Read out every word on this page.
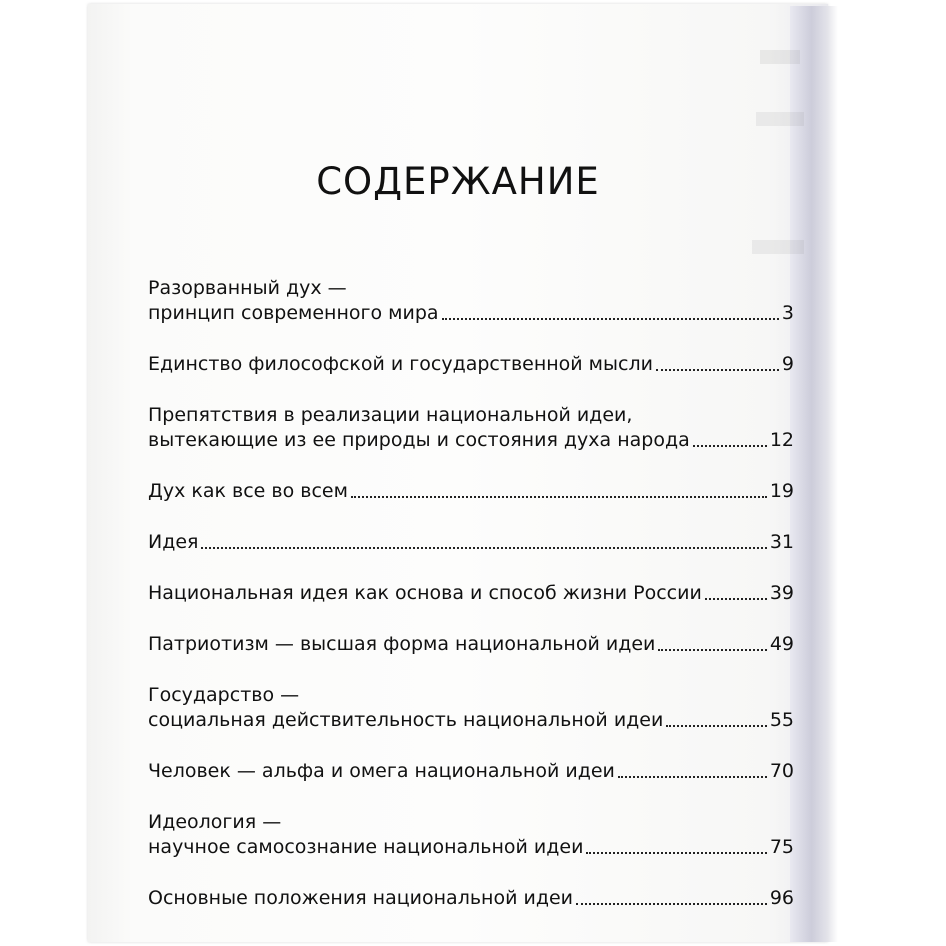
СОДЕРЖАНИЕ
Разорванный дух —
принцип современного мира	3
Единство философской и государственной мысли	9
Препятствия в реализации национальной идеи,
вытекающие из ее природы и состояния духа народа	12
Дух как все во всем	19
Идея	31
Национальная идея как основа и способ жизни России	39
Патриотизм — высшая форма национальной идеи	49
Государство —
социальная действительность национальной идеи	55
Человек — альфа и омега национальной идеи	70
Идеология —
научное самосознание национальной идеи	75
Основные положения национальной идеи	96
